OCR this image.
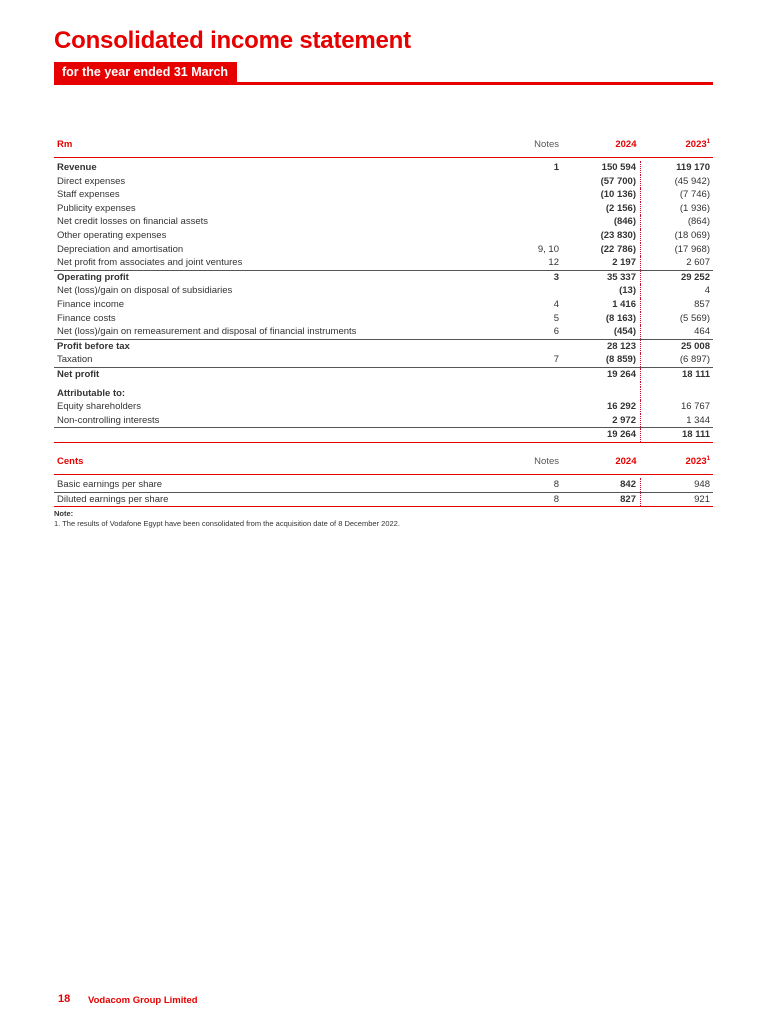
Consolidated income statement
for the year ended 31 March
Rm	Notes	2024	2023$^1$

Revenue	1	150 594	119 170
Direct expenses		(57 700)	(45 942)
Staff expenses		(10 136)	(7 746)
Publicity expenses		(2 156)	(1 936)
Net credit losses on financial assets		(846)	(864)
Other operating expenses		(23 830)	(18 069)
Depreciation and amortisation	9, 10	(22 786)	(17 968)
Net profit from associates and joint ventures	12	2 197	2 607
Operating profit	3	35 337	29 252
Net (loss)/gain on disposal of subsidiaries		(13)	4
Finance income	4	1 416	857
Finance costs	5	(8 163)	(5 569)
Net (loss)/gain on remeasurement and disposal of financial instruments	6	(454)	464
Profit before tax		28 123	25 008
Taxation	7	(8 859)	(6 897)
Net profit		19 264	18 111

Attributable to:			
Equity shareholders		16 292	16 767
Non-controlling interests		2 972	1 344
		19 264	18 111
Cents	Notes	2024	2023$^1$

Basic earnings per share	8	842	948
Diluted earnings per share	8	827	921
Note:
1. The results of Vodafone Egypt have been consolidated from the acquisition date of 8 December 2022.
18 Vodacom Group Limited
